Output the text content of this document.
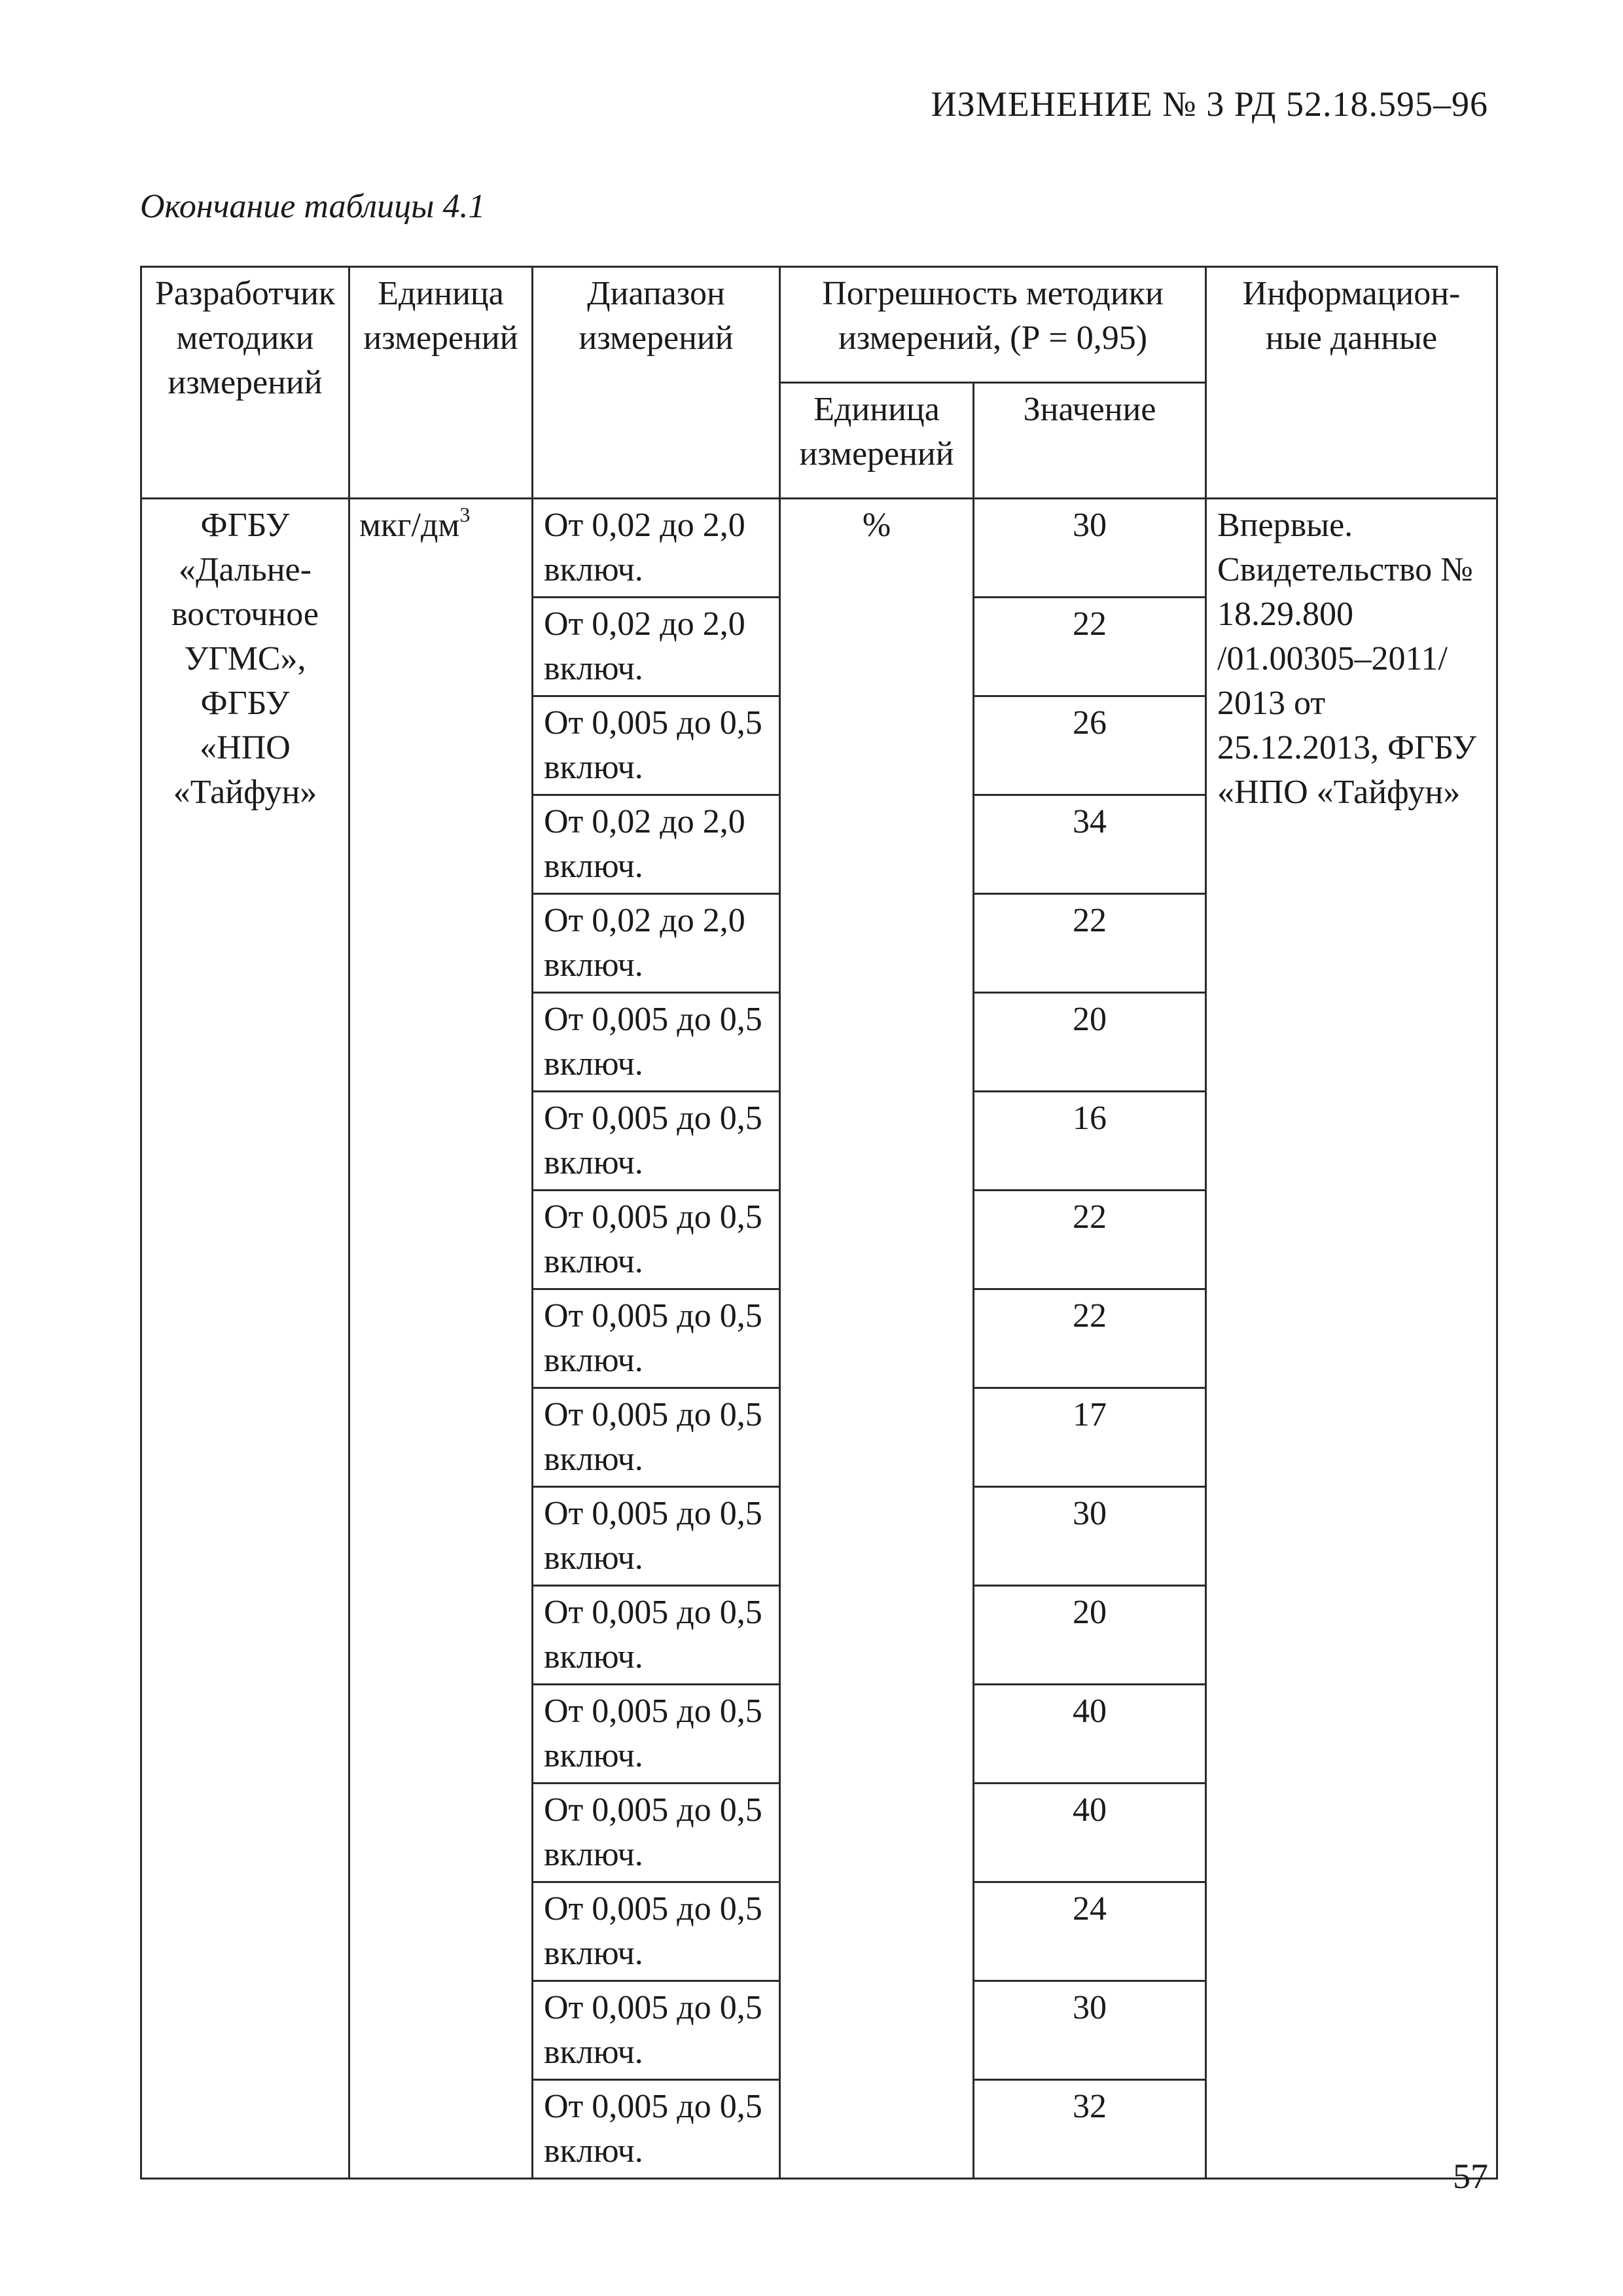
ИЗМЕНЕНИЕ № 3 РД 52.18.595–96
Окончание таблицы 4.1
Разработчик методики измерений	Единица измерений	Диапазон измерений	Погрешность методики измерений, (Р = 0,95)		Информацион-ные данные
			Единица измерений	Значение	
ФГБУ «Дальне-восточное УГМС», ФГБУ «НПО «Тайфун»	мкг/$дм^3$	От 0,02 до 2,0 включ.	%	30	Впервые. Свидетельство № 18.29.800 /01.00305–2011/ 2013 от 25.12.2013, ФГБУ «НПО «Тайфун»
		От 0,02 до 2,0 включ.		22	
		От 0,005 до 0,5 включ.		26	
		От 0,02 до 2,0 включ.		34	
		От 0,02 до 2,0 включ.		22	
		От 0,005 до 0,5 включ.		20	
		От 0,005 до 0,5 включ.		16	
		От 0,005 до 0,5 включ.		22	
		От 0,005 до 0,5 включ.		22	
		От 0,005 до 0,5 включ.		17	
		От 0,005 до 0,5 включ.		30	
		От 0,005 до 0,5 включ.		20	
		От 0,005 до 0,5 включ.		40	
		От 0,005 до 0,5 включ.		40	
		От 0,005 до 0,5 включ.		24	
		От 0,005 до 0,5 включ.		30	
		От 0,005 до 0,5 включ.		32	
57
